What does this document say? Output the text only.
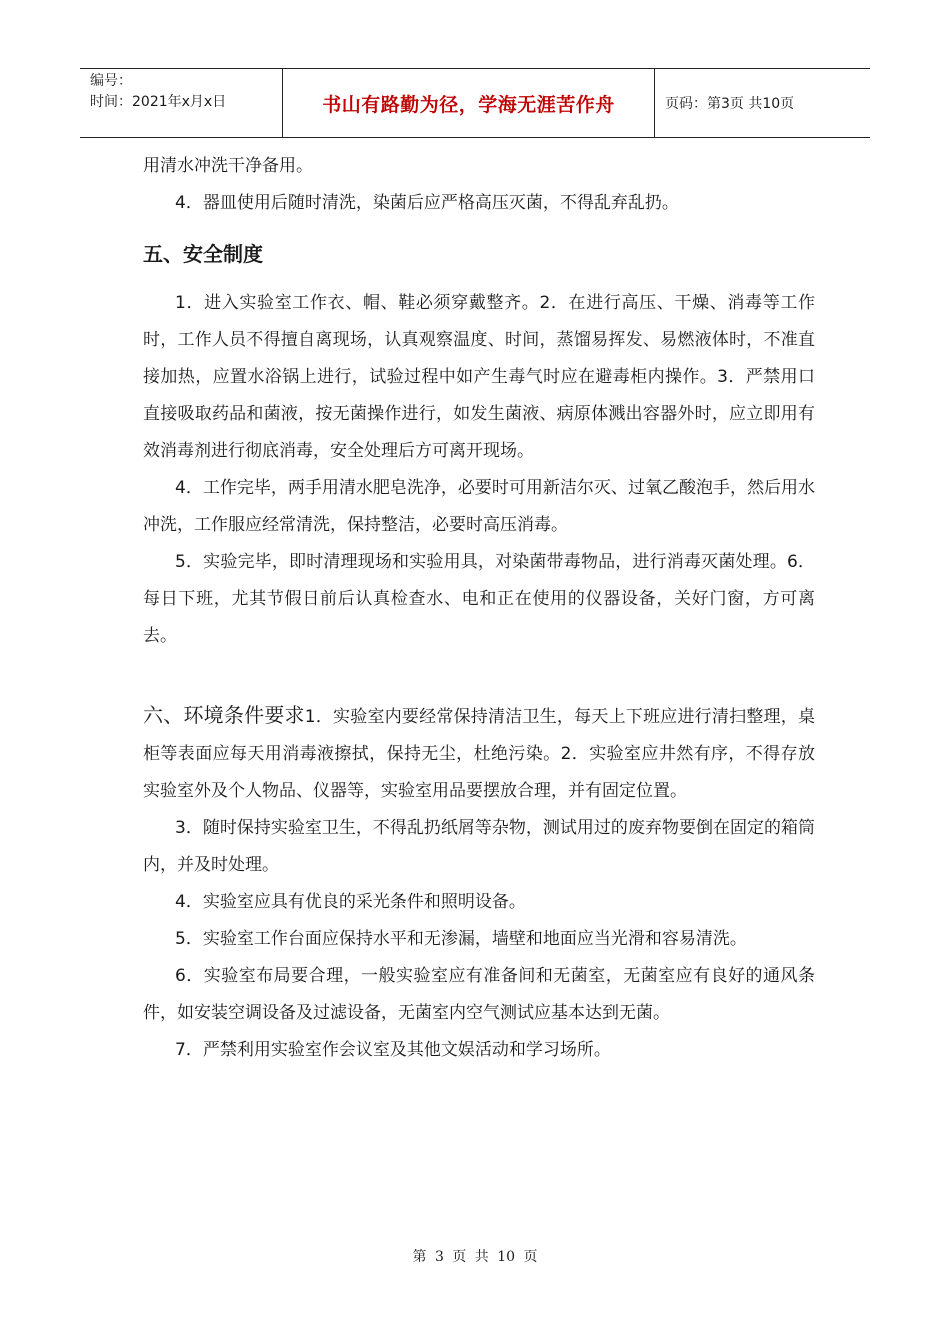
编号：
时间：2021年x月x日	书山有路勤为径，学海无涯苦作舟	页码：第3页 共10页

用清水冲洗干净备用。

4．器皿使用后随时清洗，染菌后应严格高压灭菌，不得乱弃乱扔。

五、安全制度

1．进入实验室工作衣、帽、鞋必须穿戴整齐。2．在进行高压、干燥、消毒等工作时，工作人员不得擅自离现场，认真观察温度、时间，蒸馏易挥发、易燃液体时，不准直接加热，应置水浴锅上进行，试验过程中如产生毒气时应在避毒柜内操作。3．严禁用口直接吸取药品和菌液，按无菌操作进行，如发生菌液、病原体溅出容器外时，应立即用有效消毒剂进行彻底消毒，安全处理后方可离开现场。

4．工作完毕，两手用清水肥皂洗净，必要时可用新洁尔灭、过氧乙酸泡手，然后用水冲洗，工作服应经常清洗，保持整洁，必要时高压消毒。

5．实验完毕，即时清理现场和实验用具，对染菌带毒物品，进行消毒灭菌处理。6．每日下班，尤其节假日前后认真检查水、电和正在使用的仪器设备，关好门窗，方可离去。

六、环境条件要求1．实验室内要经常保持清洁卫生，每天上下班应进行清扫整理，桌柜等表面应每天用消毒液擦拭，保持无尘，杜绝污染。2．实验室应井然有序，不得存放实验室外及个人物品、仪器等，实验室用品要摆放合理，并有固定位置。

3．随时保持实验室卫生，不得乱扔纸屑等杂物，测试用过的废弃物要倒在固定的箱筒内，并及时处理。

4．实验室应具有优良的采光条件和照明设备。

5．实验室工作台面应保持水平和无渗漏，墙壁和地面应当光滑和容易清洗。

6．实验室布局要合理，一般实验室应有准备间和无菌室，无菌室应有良好的通风条件，如安装空调设备及过滤设备，无菌室内空气测试应基本达到无菌。

7．严禁利用实验室作会议室及其他文娱活动和学习场所。

第 3 页 共 10 页
